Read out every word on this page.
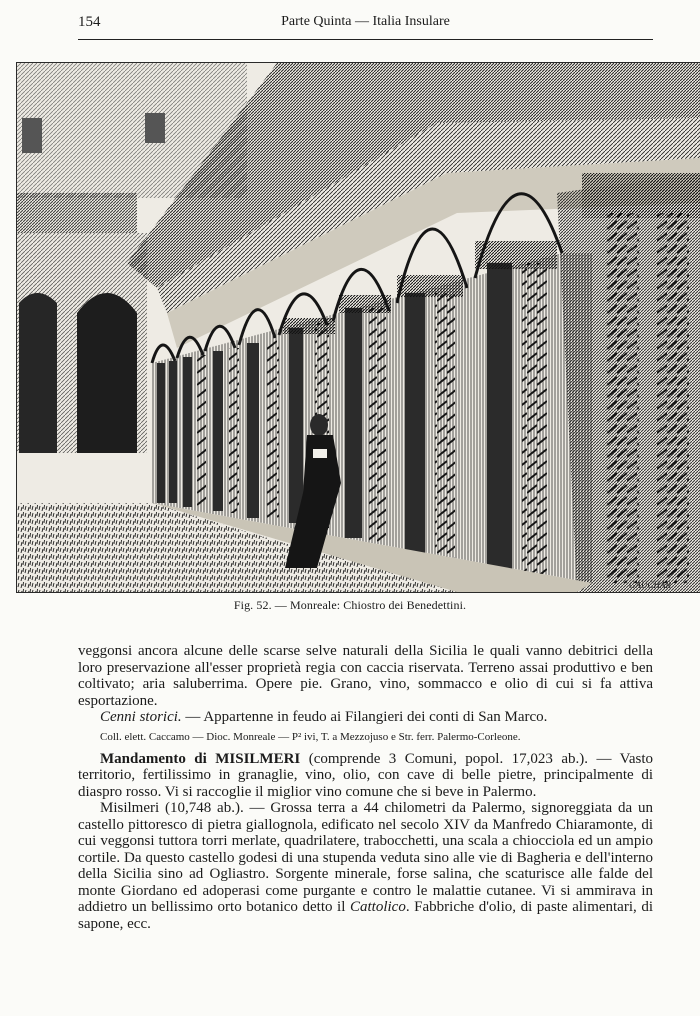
154	Parte Quinta — Italia Insulare
GAUCHAR
Fig. 52. — Monreale: Chiostro dei Benedettini.

veggonsi ancora alcune delle scarse selve naturali della Sicilia le quali vanno debitrici della loro preservazione all'esser proprietà regia con caccia riservata. Terreno assai produttivo e ben coltivato; aria saluberrima. Opere pie. Grano, vino, sommacco e olio di cui si fa attiva esportazione.

Cenni storici. — Appartenne in feudo ai Filangieri dei conti di San Marco.

Coll. elett. Caccamo — Dioc. Monreale — P² ivi, T. a Mezzojuso e Str. ferr. Palermo-Corleone.

Mandamento di MISILMERI (comprende 3 Comuni, popol. 17,023 ab.). — Vasto territorio, fertilissimo in granaglie, vino, olio, con cave di belle pietre, principalmente di diaspro rosso. Vi si raccoglie il miglior vino comune che si beve in Palermo.

Misilmeri (10,748 ab.). — Grossa terra a 44 chilometri da Palermo, signoreggiata da un castello pittoresco di pietra giallognola, edificato nel secolo XIV da Manfredo Chiaramonte, di cui veggonsi tuttora torri merlate, quadrilatere, trabocchetti, una scala a chiocciola ed un ampio cortile. Da questo castello godesi di una stupenda veduta sino alle vie di Bagheria e dell'interno della Sicilia sino ad Ogliastro. Sorgente minerale, forse salina, che scaturisce alle falde del monte Giordano ed adoperasi come purgante e contro le malattie cutanee. Vi si ammirava in addietro un bellissimo orto botanico detto il Cattolico. Fabbriche d'olio, di paste alimentari, di sapone, ecc.
